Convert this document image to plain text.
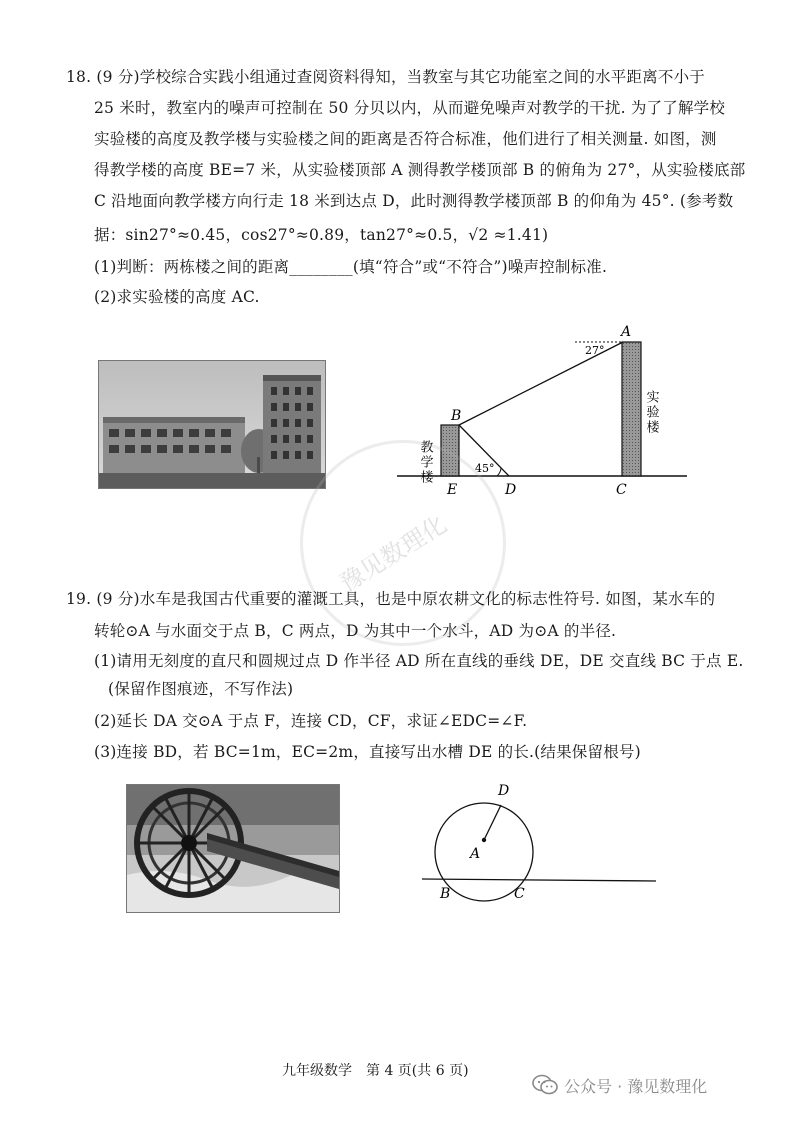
18. (9 分)学校综合实践小组通过查阅资料得知，当教室与其它功能室之间的水平距离不小于
25 米时，教室内的噪声可控制在 50 分贝以内，从而避免噪声对教学的干扰. 为了了解学校
实验楼的高度及教学楼与实验楼之间的距离是否符合标准，他们进行了相关测量. 如图，测
得教学楼的高度 BE=7 米，从实验楼顶部 A 测得教学楼顶部 B 的俯角为 27°，从实验楼底部
C 沿地面向教学楼方向行走 18 米到达点 D，此时测得教学楼顶部 B 的仰角为 45°. (参考数
据：sin27°≈0.45，cos27°≈0.89，tan27°≈0.5，√2 ≈1.41)
(1)判断：两栋楼之间的距离________(填“符合”或“不符合”)噪声控制标准.
(2)求实验楼的高度 AC.
A
B
E	D	C
27°
45°
教学楼
实验楼
豫见数理化
19. (9 分)水车是我国古代重要的灌溉工具，也是中原农耕文化的标志性符号. 如图，某水车的
转轮⊙A 与水面交于点 B，C 两点，D 为其中一个水斗，AD 为⊙A 的半径.
(1)请用无刻度的直尺和圆规过点 D 作半径 AD 所在直线的垂线 DE，DE 交直线 BC 于点 E.
(保留作图痕迹，不写作法)
(2)延长 DA 交⊙A 于点 F，连接 CD，CF，求证∠EDC=∠F.
(3)连接 BD，若 BC=1m，EC=2m，直接写出水槽 DE 的长.(结果保留根号)
A
D
B	C
九年级数学　第 4 页(共 6 页)
公众号 · 豫见数理化
